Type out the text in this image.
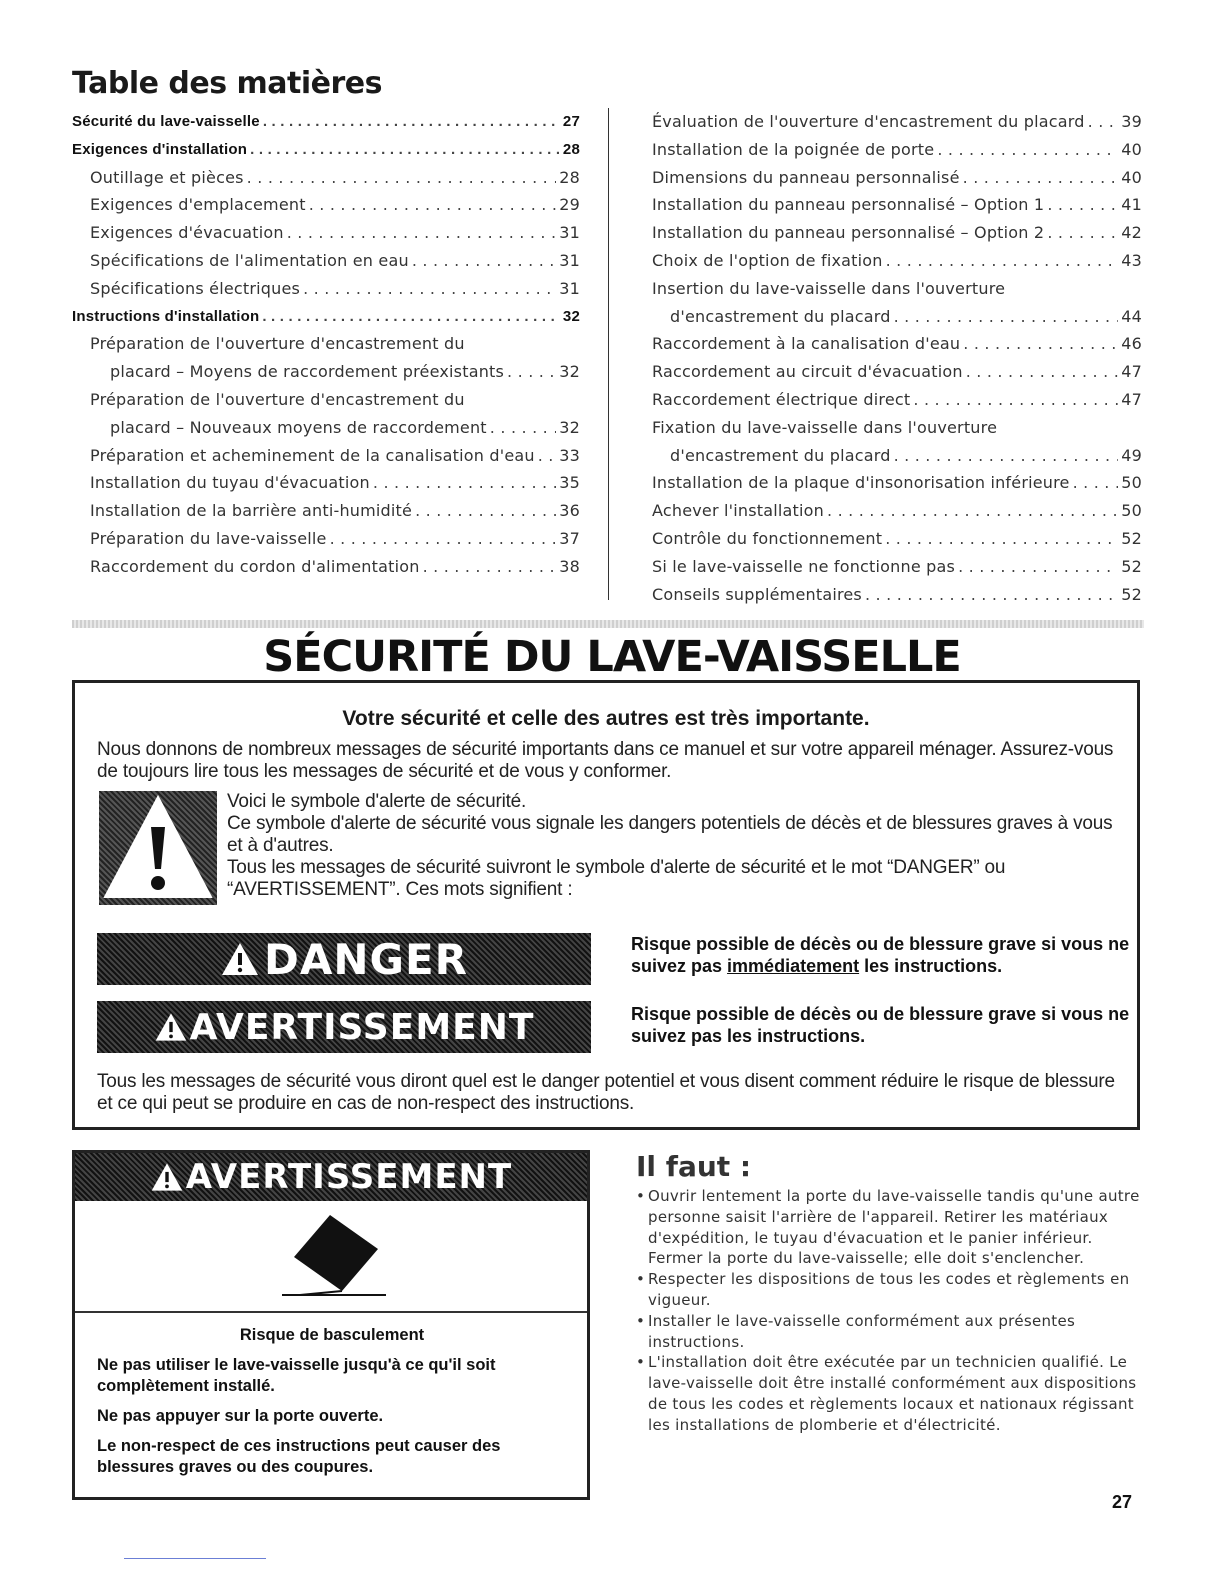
Table des matières
Sécurité du lave-vaisselle . . .	27
Exigences d'installation . . .	28
Outillage et pièces . . .	28
Exigences d'emplacement . . .	29
Exigences d'évacuation . . .	31
Spécifications de l'alimentation en eau . . .	31
Spécifications électriques . . .	31
Instructions d'installation . . .	32
Préparation de l'ouverture d'encastrement du
placard – Moyens de raccordement préexistants . . .	32
Préparation de l'ouverture d'encastrement du
placard – Nouveaux moyens de raccordement . . .	32
Préparation et acheminement de la canalisation d'eau . . . 33
Installation du tuyau d'évacuation . . .	35
Installation de la barrière anti-humidité . . .	36
Préparation du lave-vaisselle . . .	37
Raccordement du cordon d'alimentation . . .	38
Évaluation de l'ouverture d'encastrement du placard . . . 39
Installation de la poignée de porte . . .	40
Dimensions du panneau personnalisé . . .	40
Installation du panneau personnalisé – Option 1 . . .	41
Installation du panneau personnalisé – Option 2 . . .	42
Choix de l'option de fixation . . .	43
Insertion du lave-vaisselle dans l'ouverture
d'encastrement du placard . . .	44
Raccordement à la canalisation d'eau . . .	46
Raccordement au circuit d'évacuation . . .	47
Raccordement électrique direct . . .	47
Fixation du lave-vaisselle dans l'ouverture
d'encastrement du placard . . .	49
Installation de la plaque d'insonorisation inférieure . . .	50
Achever l'installation . . .	50
Contrôle du fonctionnement . . .	52
Si le lave-vaisselle ne fonctionne pas . . .	52
Conseils supplémentaires . . .	52
SÉCURITÉ DU LAVE-VAISSELLE
Votre sécurité et celle des autres est très importante.
Nous donnons de nombreux messages de sécurité importants dans ce manuel et sur votre appareil ménager. Assurez-vous de toujours lire tous les messages de sécurité et de vous y conformer.

Voici le symbole d'alerte de sécurité.

Ce symbole d'alerte de sécurité vous signale les dangers potentiels de décès et de blessures graves à vous et à d'autres.

Tous les messages de sécurité suivront le symbole d'alerte de sécurité et le mot “DANGER” ou “AVERTISSEMENT”. Ces mots signifient :

DANGER	Risque possible de décès ou de blessure grave si vous ne suivez pas immédiatement les instructions.
AVERTISSEMENT	Risque possible de décès ou de blessure grave si vous ne suivez pas les instructions.
Tous les messages de sécurité vous diront quel est le danger potentiel et vous disent comment réduire le risque de blessure et ce qui peut se produire en cas de non-respect des instructions.
AVERTISSEMENT

Risque de basculement

Ne pas utiliser le lave-vaisselle jusqu'à ce qu'il soit complètement installé.

Ne pas appuyer sur la porte ouverte.

Le non-respect de ces instructions peut causer des blessures graves ou des coupures.

Il faut :
• Ouvrir lentement la porte du lave-vaisselle tandis qu'une autre personne saisit l'arrière de l'appareil. Retirer les matériaux d'expédition, le tuyau d'évacuation et le panier inférieur. Fermer la porte du lave-vaisselle; elle doit s'enclencher.
• Respecter les dispositions de tous les codes et règlements en vigueur.
• Installer le lave-vaisselle conformément aux présentes instructions.
• L'installation doit être exécutée par un technicien qualifié. Le lave-vaisselle doit être installé conformément aux dispositions de tous les codes et règlements locaux et nationaux régissant les installations de plomberie et d'électricité.
27
